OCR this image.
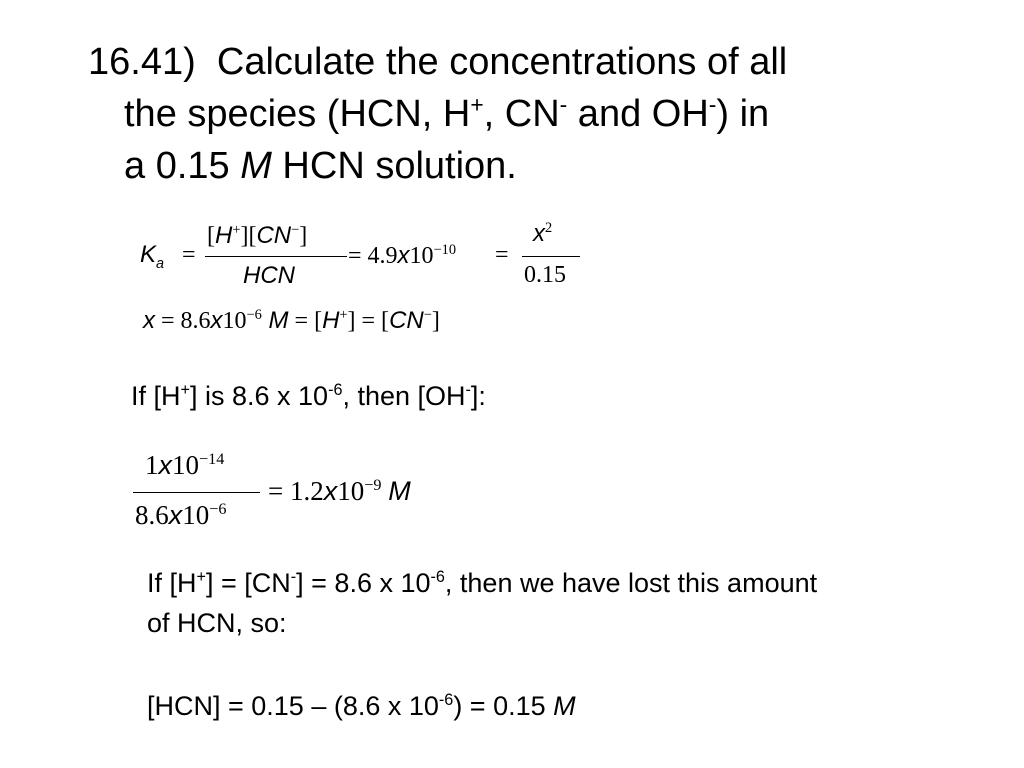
16.41) Calculate the concentrations of all
the species (HCN, H+, CN- and OH-) in
a 0.15 M HCN solution.
$K_a$ =
[H+][CN−]
HCN
= $4.9x10^{-10}$ =
$x^2$
0.15
$x = 8.6x10^{-6}$ M = [H+] = [CN−]
If [H+] is 8.6 x $10^{-6}$, then [OH-]:
$1x10^{-14}$
$8.6x10^{-6}$
= $1.2x10^{-9}$ M
If [H+] = [CN-] = 8.6 x $10^{-6}$, then we have lost this amount
of HCN, so:
[HCN] = 0.15 – (8.6 x $10^{-6}) = 0.15$ M
